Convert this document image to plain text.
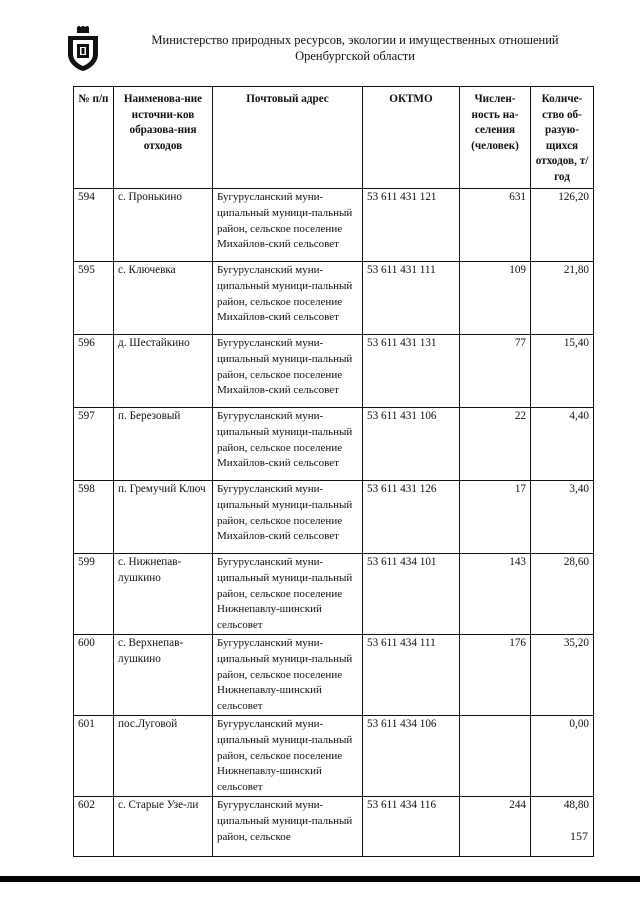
Министерство природных ресурсов, экологии и имущественных отношений
Оренбургской области
№ п/п	Наименова-ние источни-ков образова-ния отходов	Почтовый адрес	ОКТМО	Числен-ность на-селения (человек)	Количе-ство об-разую-щихся отходов, т/год
594	с. Пронькино	Бугурусланский муни-ципальный муници-пальный район, сельское поселение Михайлов-ский сельсовет	53 611 431 121	631	126,20
595	с. Ключевка	Бугурусланский муни-ципальный муници-пальный район, сельское поселение Михайлов-ский сельсовет	53 611 431 111	109	21,80
596	д. Шестайкино	Бугурусланский муни-ципальный муници-пальный район, сельское поселение Михайлов-ский сельсовет	53 611 431 131	77	15,40
597	п. Березовый	Бугурусланский муни-ципальный муници-пальный район, сельское поселение Михайлов-ский сельсовет	53 611 431 106	22	4,40
598	п. Гремучий Ключ	Бугурусланский муни-ципальный муници-пальный район, сельское поселение Михайлов-ский сельсовет	53 611 431 126	17	3,40
599	с. Нижнепав-лушкино	Бугурусланский муни-ципальный муници-пальный район, сельское поселение Нижнепавлу-шинский сельсовет	53 611 434 101	143	28,60
600	с. Верхнепав-лушкино	Бугурусланский муни-ципальный муници-пальный район, сельское поселение Нижнепавлу-шинский сельсовет	53 611 434 111	176	35,20
601	пос.Луговой	Бугурусланский муни-ципальный муници-пальный район, сельское поселение Нижнепавлу-шинский сельсовет	53 611 434 106		0,00
602	с. Старые Узе-ли	Бугурусланский муни-ципальный муници-пальный район, сельское	53 611 434 116	244	48,80
157
